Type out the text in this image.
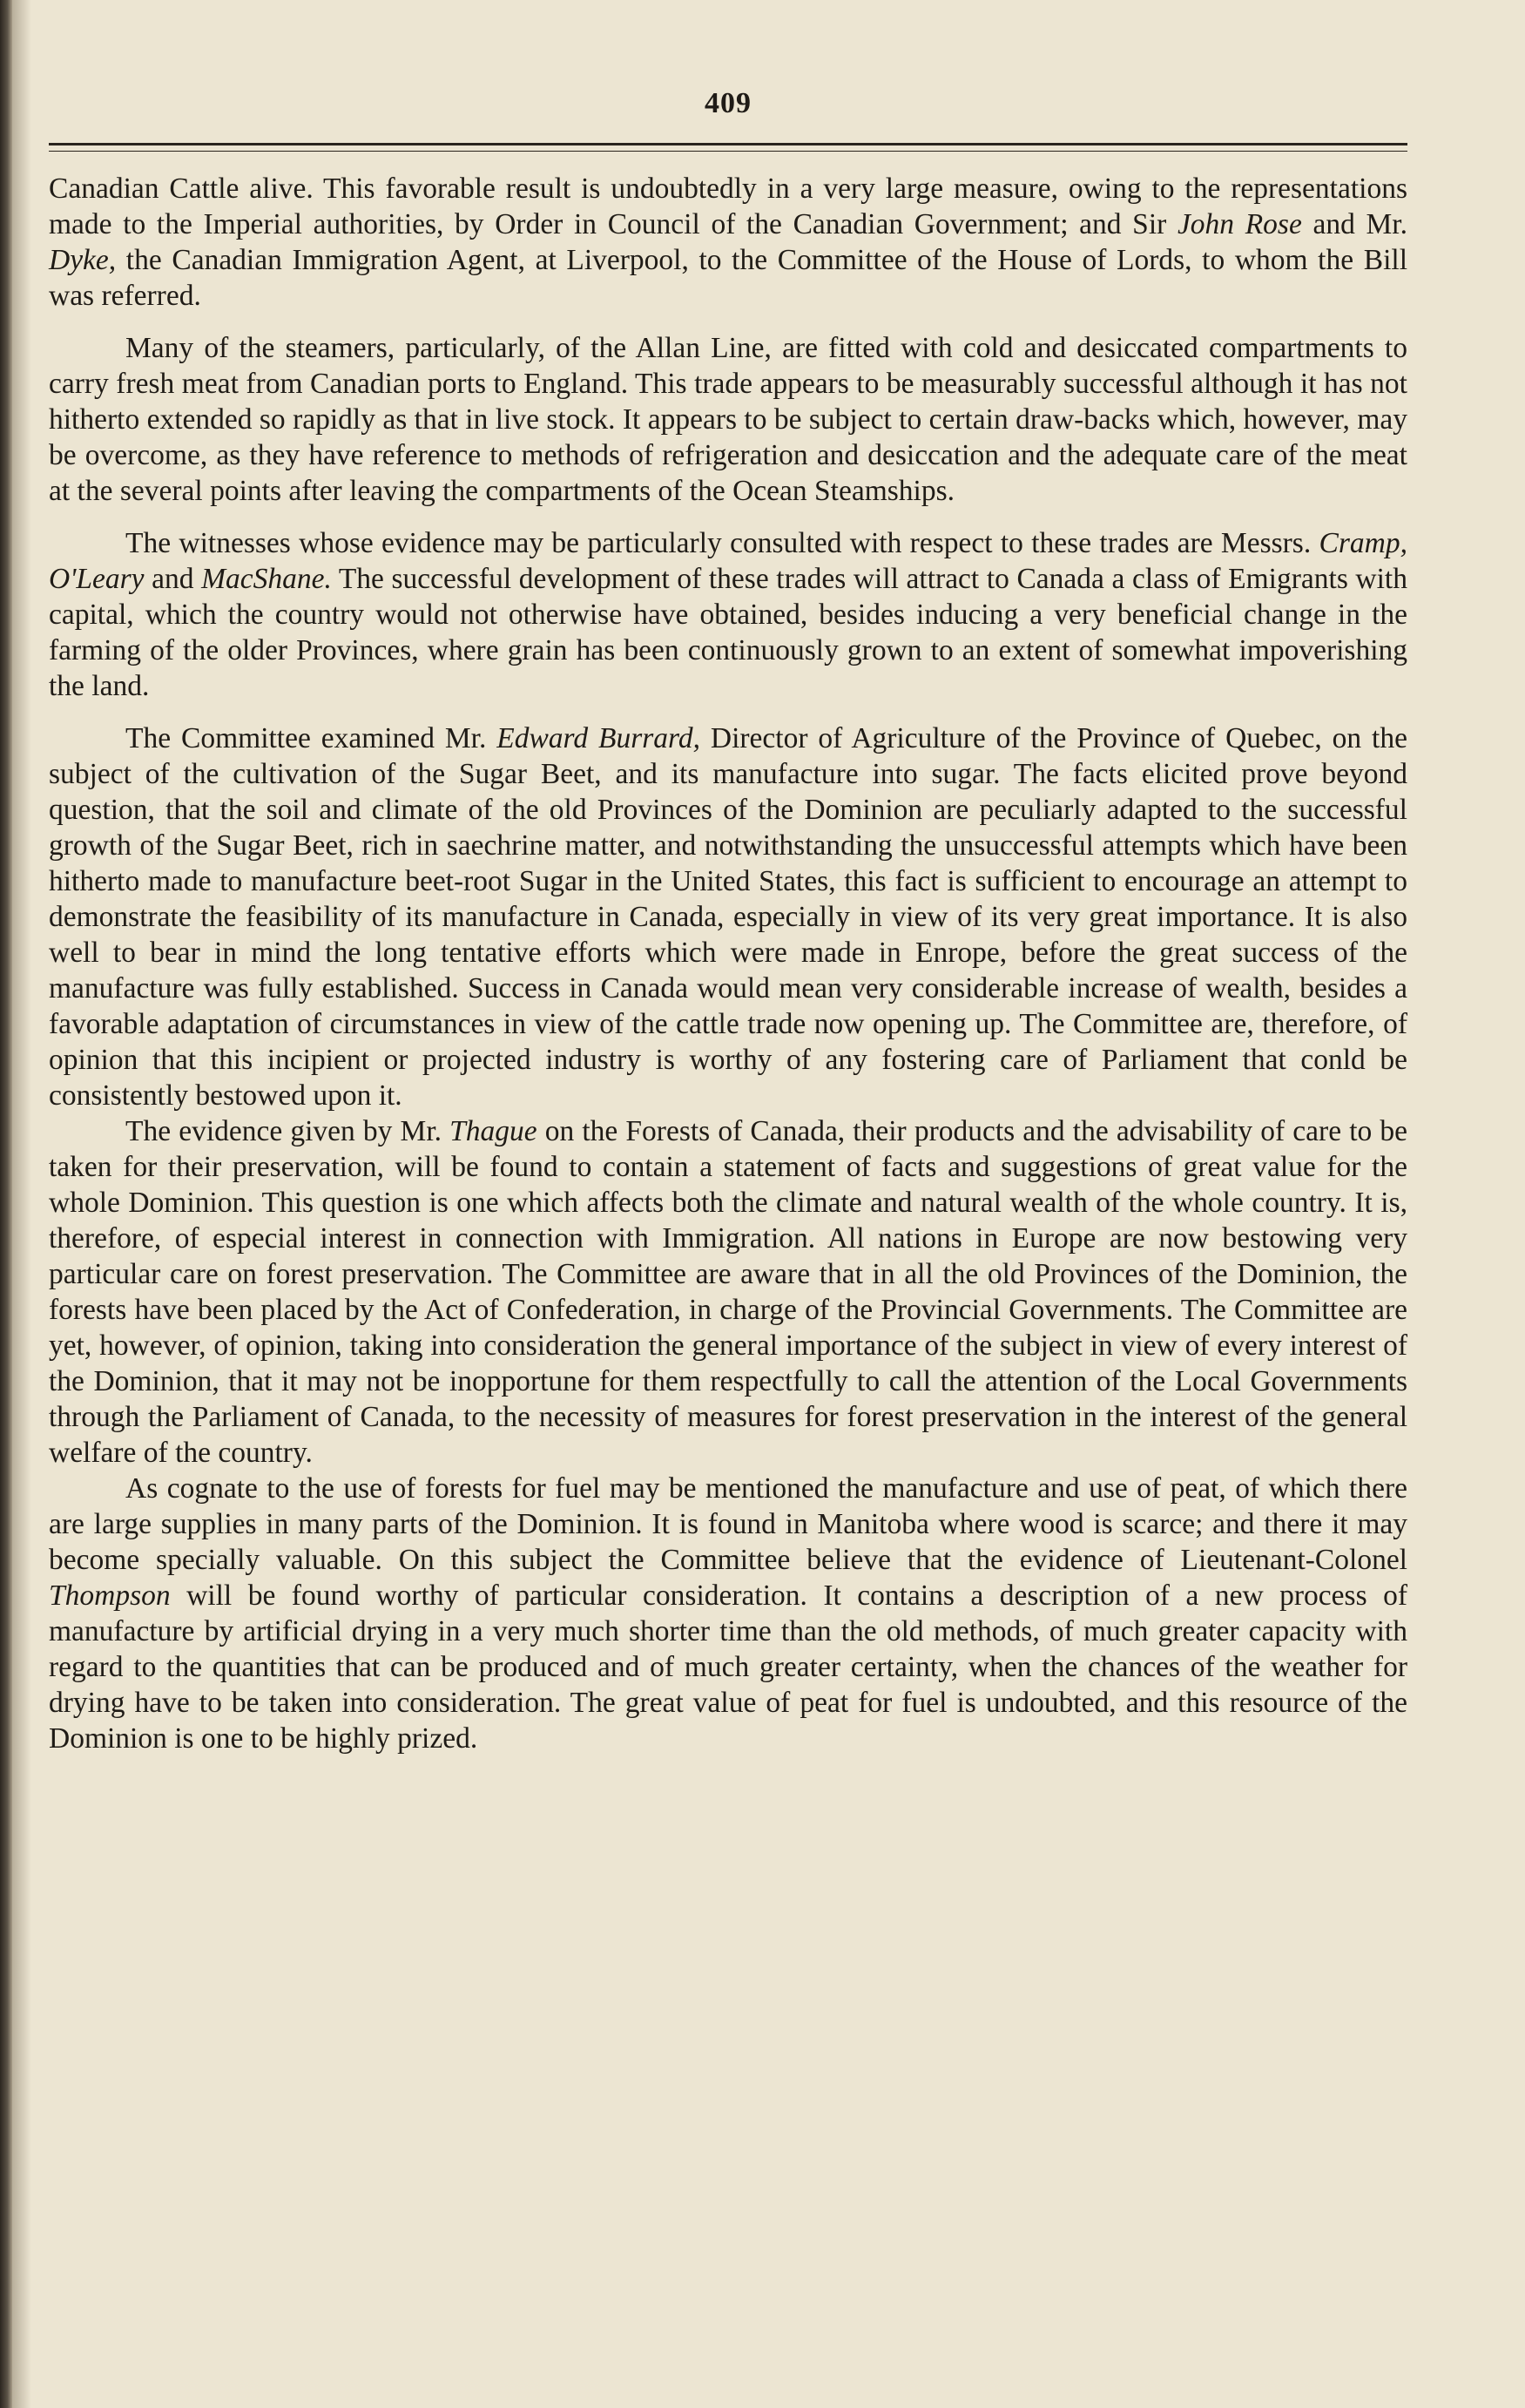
409

Canadian Cattle alive. This favorable result is undoubtedly in a very large measure, owing to the representations made to the Imperial authorities, by Order in Council of the Canadian Government; and Sir John Rose and Mr. Dyke, the Canadian Immigration Agent, at Liverpool, to the Committee of the House of Lords, to whom the Bill was referred.

Many of the steamers, particularly, of the Allan Line, are fitted with cold and desiccated compartments to carry fresh meat from Canadian ports to England. This trade appears to be measurably successful although it has not hitherto extended so rapidly as that in live stock. It appears to be subject to certain draw-backs which, however, may be overcome, as they have reference to methods of refrigeration and desiccation and the adequate care of the meat at the several points after leaving the compartments of the Ocean Steamships.

The witnesses whose evidence may be particularly consulted with respect to these trades are Messrs. Cramp, O'Leary and MacShane. The successful development of these trades will attract to Canada a class of Emigrants with capital, which the country would not otherwise have obtained, besides inducing a very beneficial change in the farming of the older Provinces, where grain has been continuously grown to an extent of somewhat impoverishing the land.

The Committee examined Mr. Edward Burrard, Director of Agriculture of the Province of Quebec, on the subject of the cultivation of the Sugar Beet, and its manufacture into sugar. The facts elicited prove beyond question, that the soil and climate of the old Provinces of the Dominion are peculiarly adapted to the successful growth of the Sugar Beet, rich in saechrine matter, and notwithstanding the unsuccessful attempts which have been hitherto made to manufacture beet-root Sugar in the United States, this fact is sufficient to encourage an attempt to demonstrate the feasibility of its manufacture in Canada, especially in view of its very great importance. It is also well to bear in mind the long tentative efforts which were made in Enrope, before the great success of the manufacture was fully established. Success in Canada would mean very considerable increase of wealth, besides a favorable adaptation of circumstances in view of the cattle trade now opening up. The Committee are, therefore, of opinion that this incipient or projected industry is worthy of any fostering care of Parliament that conld be consistently bestowed upon it.

The evidence given by Mr. Thague on the Forests of Canada, their products and the advisability of care to be taken for their preservation, will be found to contain a statement of facts and suggestions of great value for the whole Dominion. This question is one which affects both the climate and natural wealth of the whole country. It is, therefore, of especial interest in connection with Immigration. All nations in Europe are now bestowing very particular care on forest preservation. The Committee are aware that in all the old Provinces of the Dominion, the forests have been placed by the Act of Confederation, in charge of the Provincial Governments. The Committee are yet, however, of opinion, taking into consideration the general importance of the subject in view of every interest of the Dominion, that it may not be inopportune for them respectfully to call the attention of the Local Governments through the Parliament of Canada, to the necessity of measures for forest preservation in the interest of the general welfare of the country.

As cognate to the use of forests for fuel may be mentioned the manufacture and use of peat, of which there are large supplies in many parts of the Dominion. It is found in Manitoba where wood is scarce; and there it may become specially valuable. On this subject the Committee believe that the evidence of Lieutenant-Colonel Thompson will be found worthy of particular consideration. It contains a description of a new process of manufacture by artificial drying in a very much shorter time than the old methods, of much greater capacity with regard to the quantities that can be produced and of much greater certainty, when the chances of the weather for drying have to be taken into consideration. The great value of peat for fuel is undoubted, and this resource of the Dominion is one to be highly prized.
